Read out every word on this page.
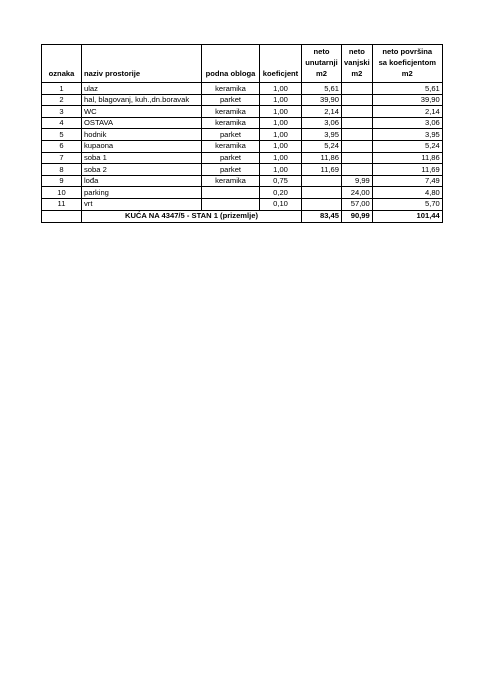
oznaka	naziv prostorije	podna obloga	koeficjent	neto
unutarnji
m2	neto
vanjski
m2	neto površina
sa koeficjentom
m2
1	ulaz	keramika	1,00	5,61		5,61
2	hal, blagovanj, kuh.,dn.boravak	parket	1,00	39,90		39,90
3	WC	keramika	1,00	2,14		2,14
4	OSTAVA	keramika	1,00	3,06		3,06
5	hodnik	parket	1,00	3,95		3,95
6	kupaona	keramika	1,00	5,24		5,24
7	soba 1	parket	1,00	11,86		11,86
8	soba 2	parket	1,00	11,69		11,69
9	lođa	keramika	0,75		9,99	7,49
10	parking		0,20		24,00	4,80
11	vrt		0,10		57,00	5,70
	KUĆA NA 4347/5 - STAN 1 (prizemlje)			83,45	90,99	101,44
